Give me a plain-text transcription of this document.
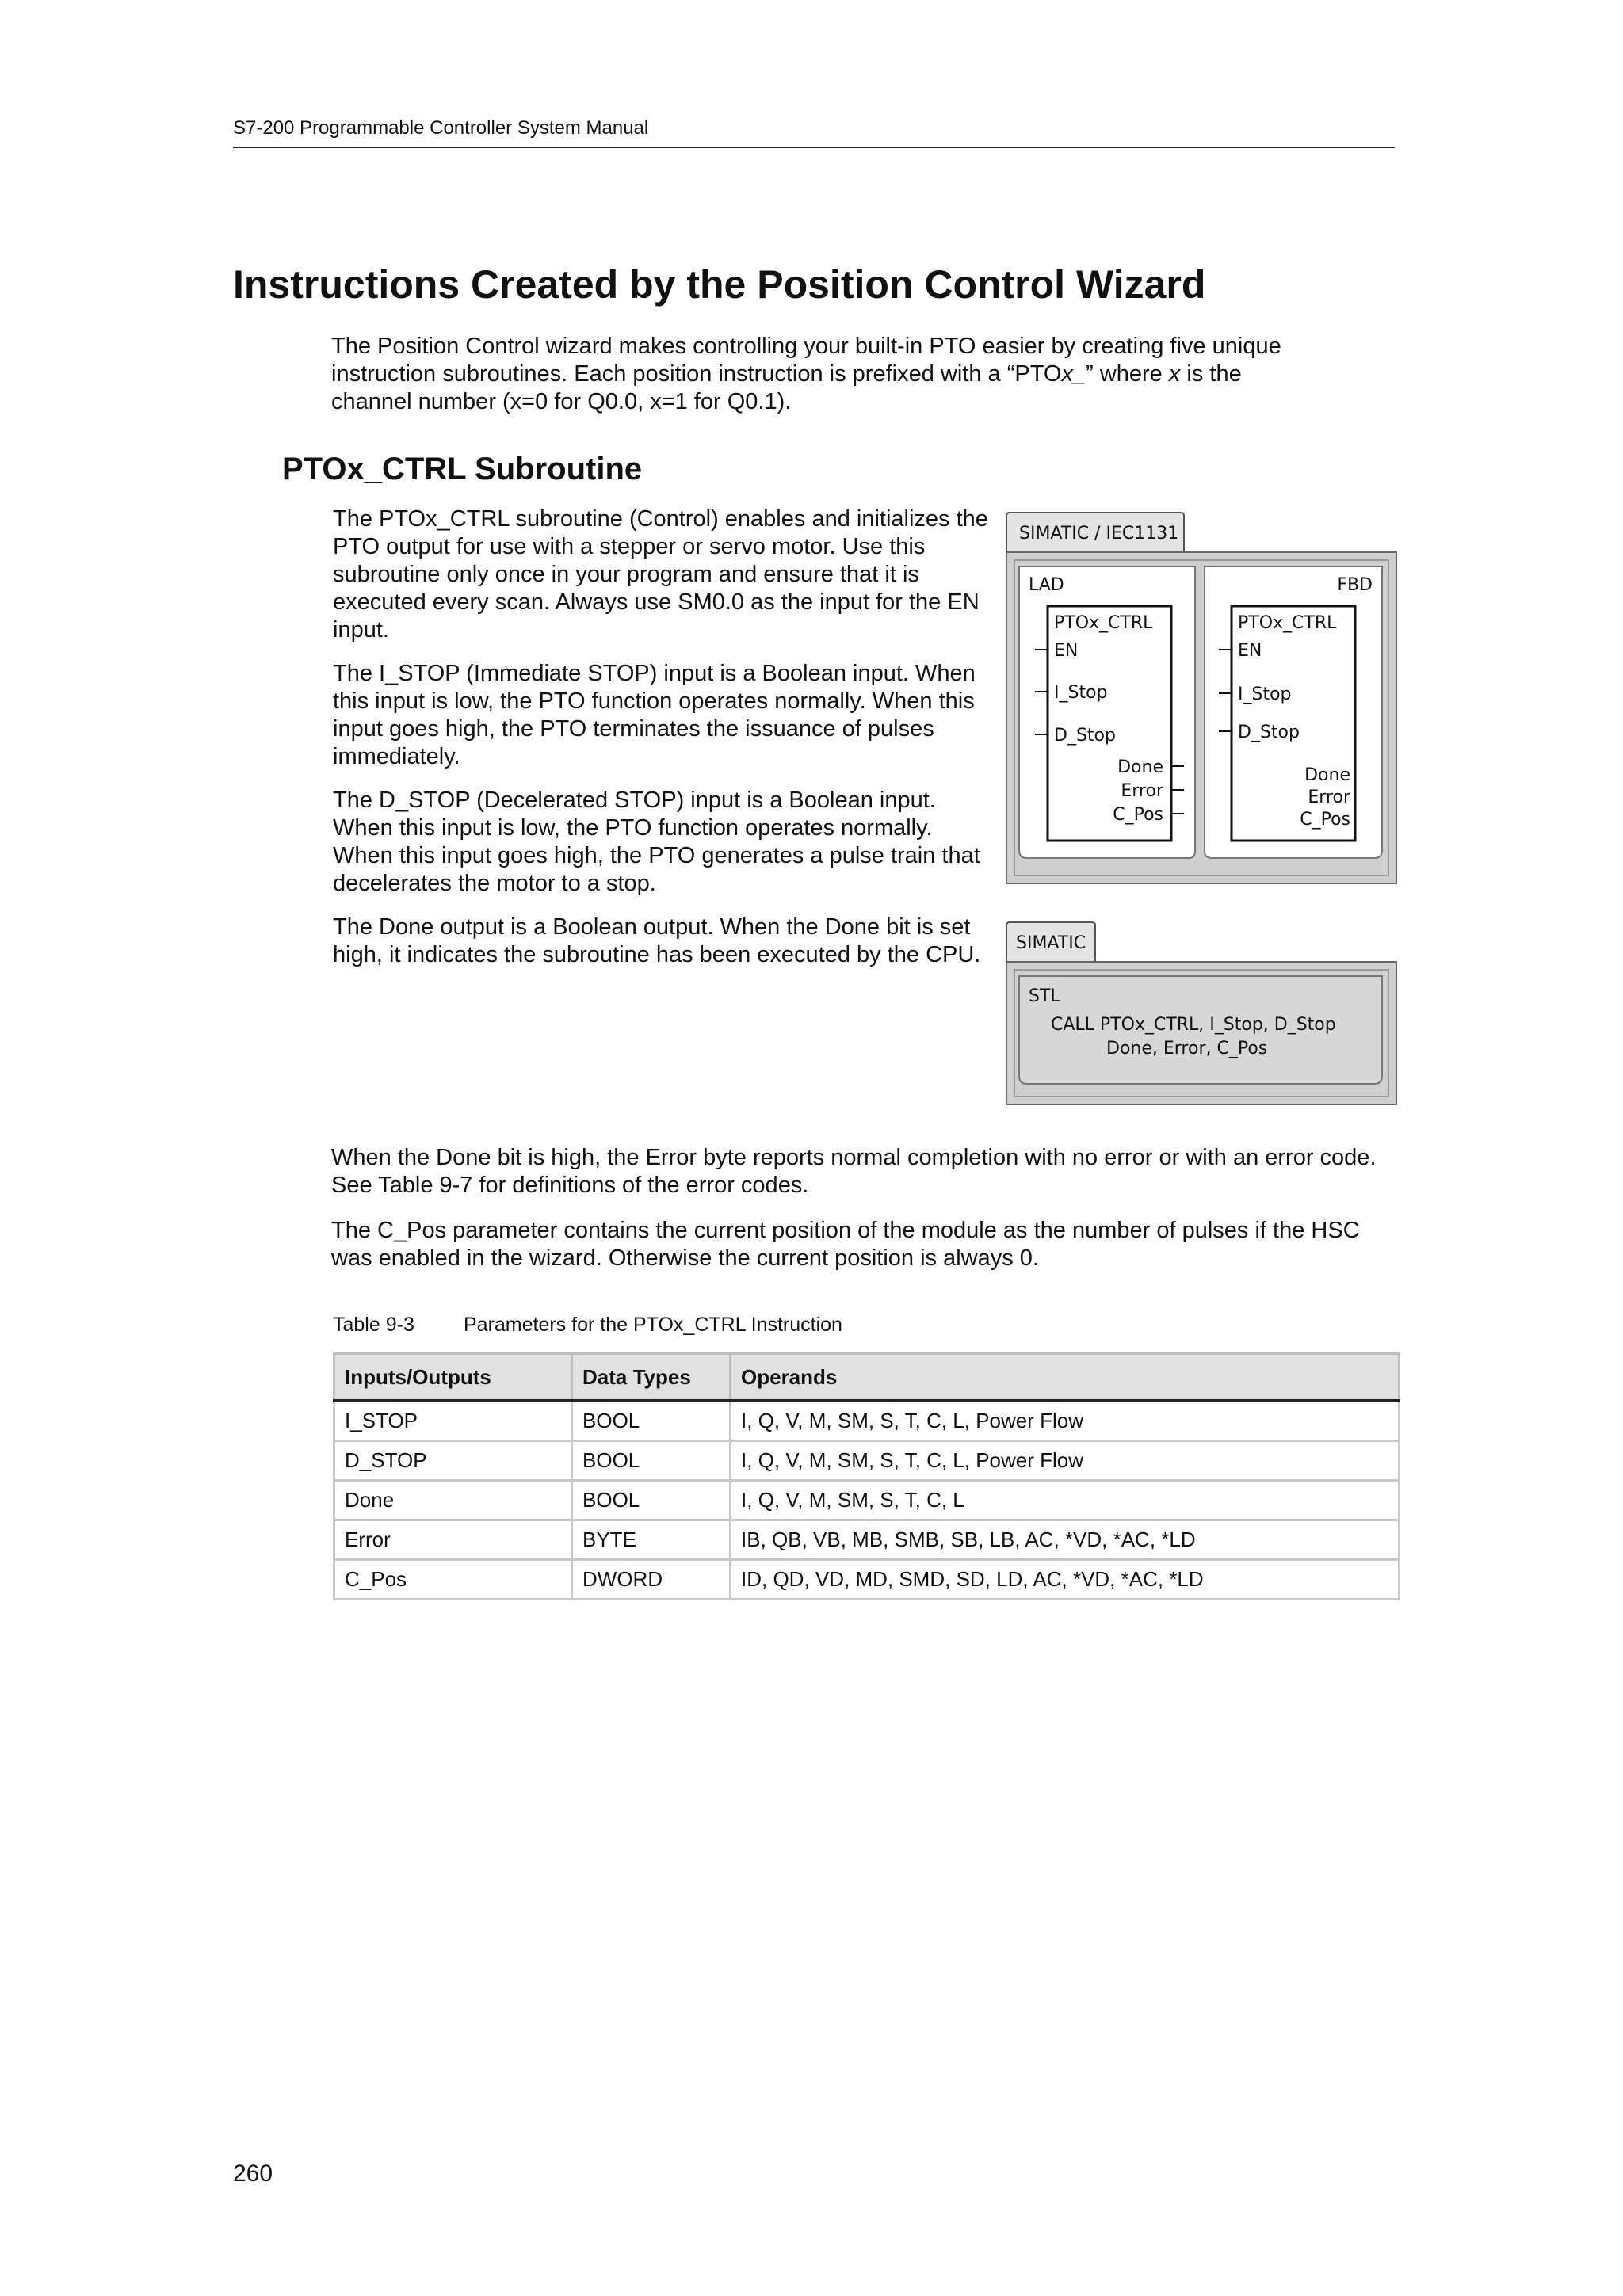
S7-200 Programmable Controller System Manual
Instructions Created by the Position Control Wizard
The Position Control wizard makes controlling your built-in PTO easier by creating five unique
instruction subroutines. Each position instruction is prefixed with a “PTOx_” where x is the
channel number (x=0 for Q0.0, x=1 for Q0.1).
PTOx_CTRL Subroutine

The PTOx_CTRL subroutine (Control) enables and initializes the PTO output for use with a stepper or servo motor. Use this subroutine only once in your program and ensure that it is executed every scan. Always use SM0.0 as the input for the EN input.

The I_STOP (Immediate STOP) input is a Boolean input. When this input is low, the PTO function operates normally. When this input goes high, the PTO terminates the issuance of pulses immediately.

The D_STOP (Decelerated STOP) input is a Boolean input. When this input is low, the PTO function operates normally. When this input goes high, the PTO generates a pulse train that decelerates the motor to a stop.

The Done output is a Boolean output. When the Done bit is set high, it indicates the subroutine has been executed by the CPU.

SIMATIC / IEC1131
LAD	FBD
PTOx_CTRL
EN
I_Stop
D_Stop
Done
Error
C_Pos
PTOx_CTRL
EN
I_Stop
D_Stop
Done
Error
C_Pos
SIMATIC
STL
CALL PTOx_CTRL, I_Stop, D_Stop
Done, Error, C_Pos

When the Done bit is high, the Error byte reports normal completion with no error or with an error code. See Table 9-7 for definitions of the error codes.

The C_Pos parameter contains the current position of the module as the number of pulses if the HSC was enabled in the wizard. Otherwise the current position is always 0.

Table 9-3 Parameters for the PTOx_CTRL Instruction
Inputs/Outputs	Data Types	Operands
I_STOP	BOOL	I, Q, V, M, SM, S, T, C, L, Power Flow
D_STOP	BOOL	I, Q, V, M, SM, S, T, C, L, Power Flow
Done	BOOL	I, Q, V, M, SM, S, T, C, L
Error	BYTE	IB, QB, VB, MB, SMB, SB, LB, AC, *VD, *AC, *LD
C_Pos	DWORD	ID, QD, VD, MD, SMD, SD, LD, AC, *VD, *AC, *LD
260
